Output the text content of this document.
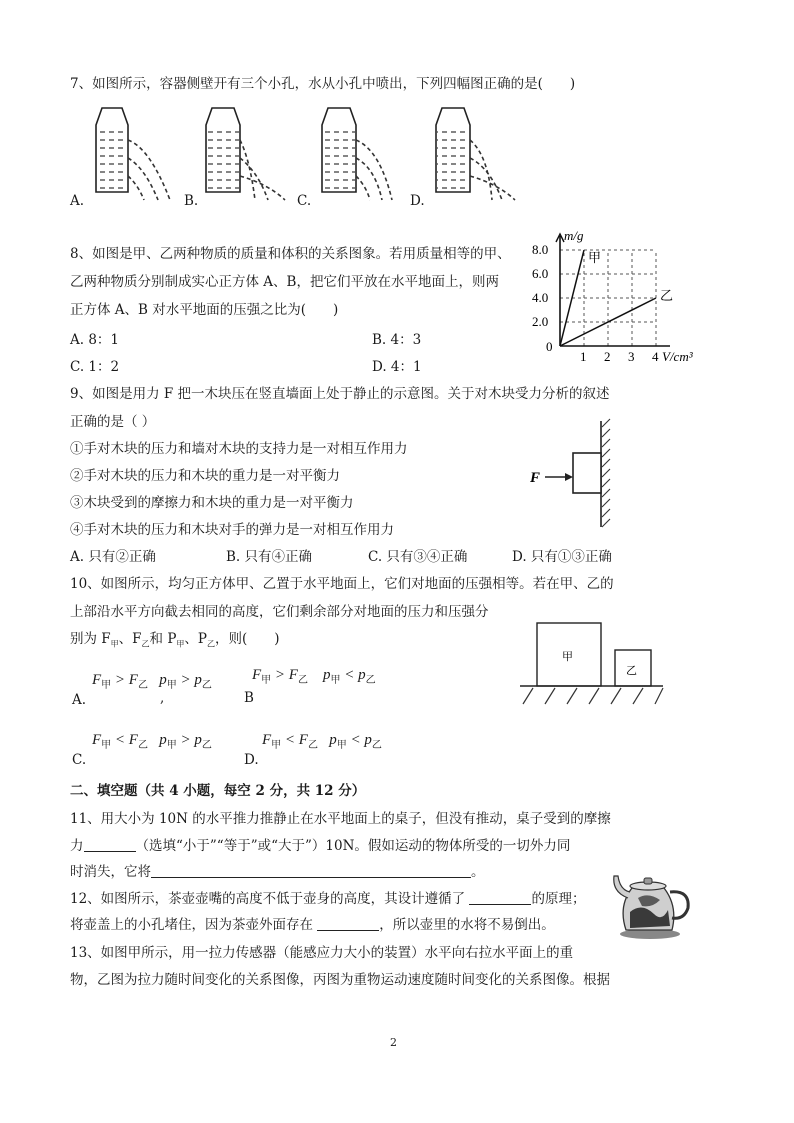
7、如图所示，容器侧壁开有三个小孔，水从小孔中喷出，下列四幅图正确的是(　　)
A.	B.	C.	D.
8、如图是甲、乙两种物质的质量和体积的关系图象。若用质量相等的甲、
乙两种物质分别制成实心正方体 A、B，把它们平放在水平地面上，则两
正方体 A、B 对水平地面的压强之比为(　　)
A. 8：1	B. 4：3
C. 1：2	D. 4：1
1 2 3 4
2.0
4.0
6.0
8.0
0
m/g
V/cm³
甲
乙
9、如图是用力 F 把一木块压在竖直墙面上处于静止的示意图。关于对木块受力分析的叙述
正确的是（ ）
①手对木块的压力和墙对木块的支持力是一对相互作用力
②手对木块的压力和木块的重力是一对平衡力
③木块受到的摩擦力和木块的重力是一对平衡力
④手对木块的压力和木块对手的弹力是一对相互作用力
A. 只有②正确	B. 只有④正确	C. 只有③④正确	D. 只有①③正确
F
10、如图所示，均匀正方体甲、乙置于水平地面上，它们对地面的压强相等。若在甲、乙的
上部沿水平方向截去相同的高度，它们剩余部分对地面的压力和压强分
别为 $F_甲$、$F_乙$和 $P_甲$、$P_乙$，则(　　)
甲
乙
$F_甲 > F_乙$ $p_甲 > p_乙$
A.	,
$F_甲 > F_乙$ $p_甲 < p_乙$
B
$F_甲 < F_乙$ $p_甲 > p_乙$
C.
$F_甲 < F_乙$ $p_甲 < p_乙$
D.
二、填空题（共 4 小题，每空 2 分，共 12 分）
11、用大小为 10N 的水平推力推静止在水平地面上的桌子，但没有推动，桌子受到的摩擦
力	（选填“小于”“等于”或“大于”）10N。假如运动的物体所受的一切外力同
时消失，它将	。
12、如图所示，茶壶壶嘴的高度不低于壶身的高度，其设计遵循了	的原理；
将壶盖上的小孔堵住，因为茶壶外面存在	，所以壶里的水将不易倒出。
13、如图甲所示，用一拉力传感器（能感应力大小的装置）水平向右拉水平面上的重
物，乙图为拉力随时间变化的关系图像，丙图为重物运动速度随时间变化的关系图像。根据
2
